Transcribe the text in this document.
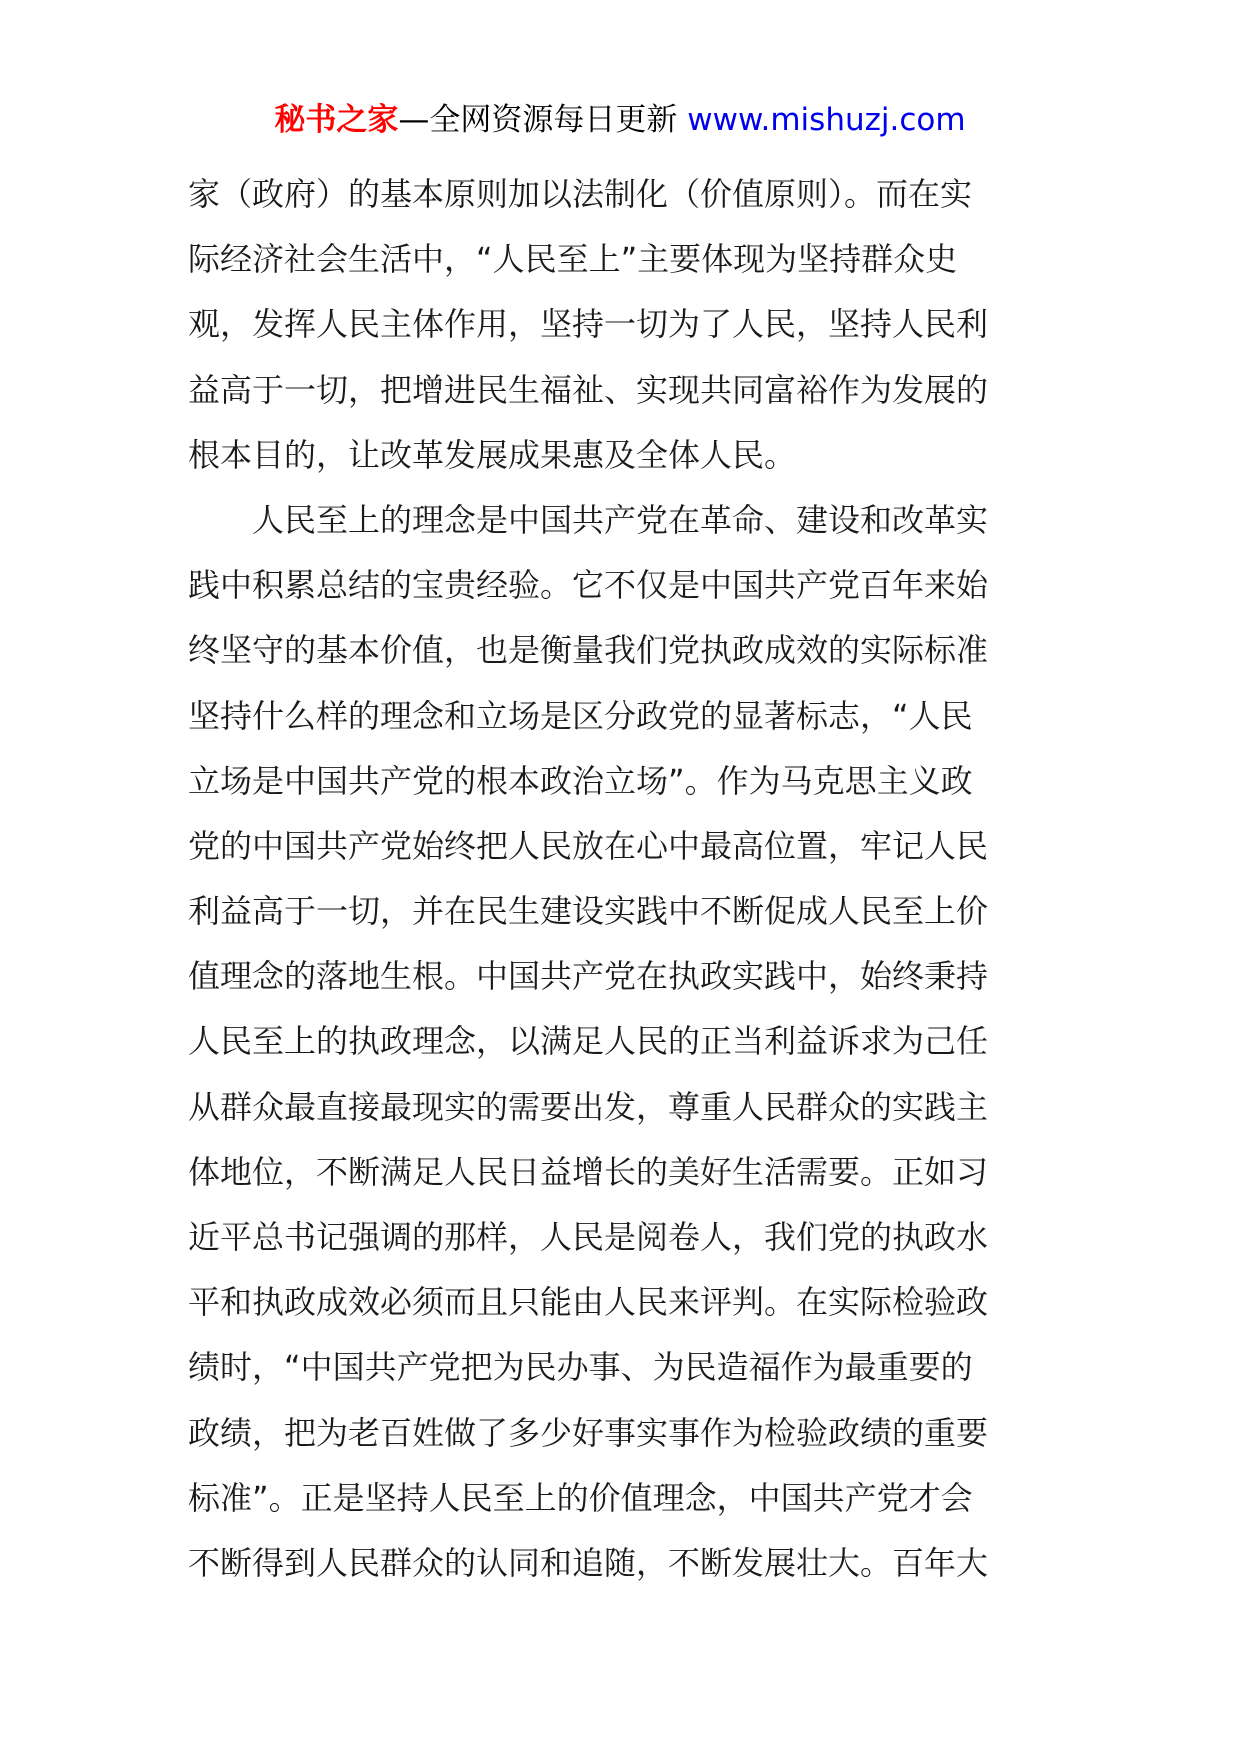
秘书之家—全网资源每日更新 www.mishuzj.com
家（政府）的基本原则加以法制化（价值原则）。而在实
际经济社会生活中，“人民至上”主要体现为坚持群众史
观，发挥人民主体作用，坚持一切为了人民，坚持人民利
益高于一切，把增进民生福祉、实现共同富裕作为发展的
根本目的，让改革发展成果惠及全体人民。
人民至上的理念是中国共产党在革命、建设和改革实
践中积累总结的宝贵经验。它不仅是中国共产党百年来始
终坚守的基本价值，也是衡量我们党执政成效的实际标准
坚持什么样的理念和立场是区分政党的显著标志，“人民
立场是中国共产党的根本政治立场”。作为马克思主义政
党的中国共产党始终把人民放在心中最高位置，牢记人民
利益高于一切，并在民生建设实践中不断促成人民至上价
值理念的落地生根。中国共产党在执政实践中，始终秉持
人民至上的执政理念，以满足人民的正当利益诉求为己任
从群众最直接最现实的需要出发，尊重人民群众的实践主
体地位，不断满足人民日益增长的美好生活需要。正如习
近平总书记强调的那样，人民是阅卷人，我们党的执政水
平和执政成效必须而且只能由人民来评判。在实际检验政
绩时，“中国共产党把为民办事、为民造福作为最重要的
政绩，把为老百姓做了多少好事实事作为检验政绩的重要
标准”。正是坚持人民至上的价值理念，中国共产党才会
不断得到人民群众的认同和追随，不断发展壮大。百年大
